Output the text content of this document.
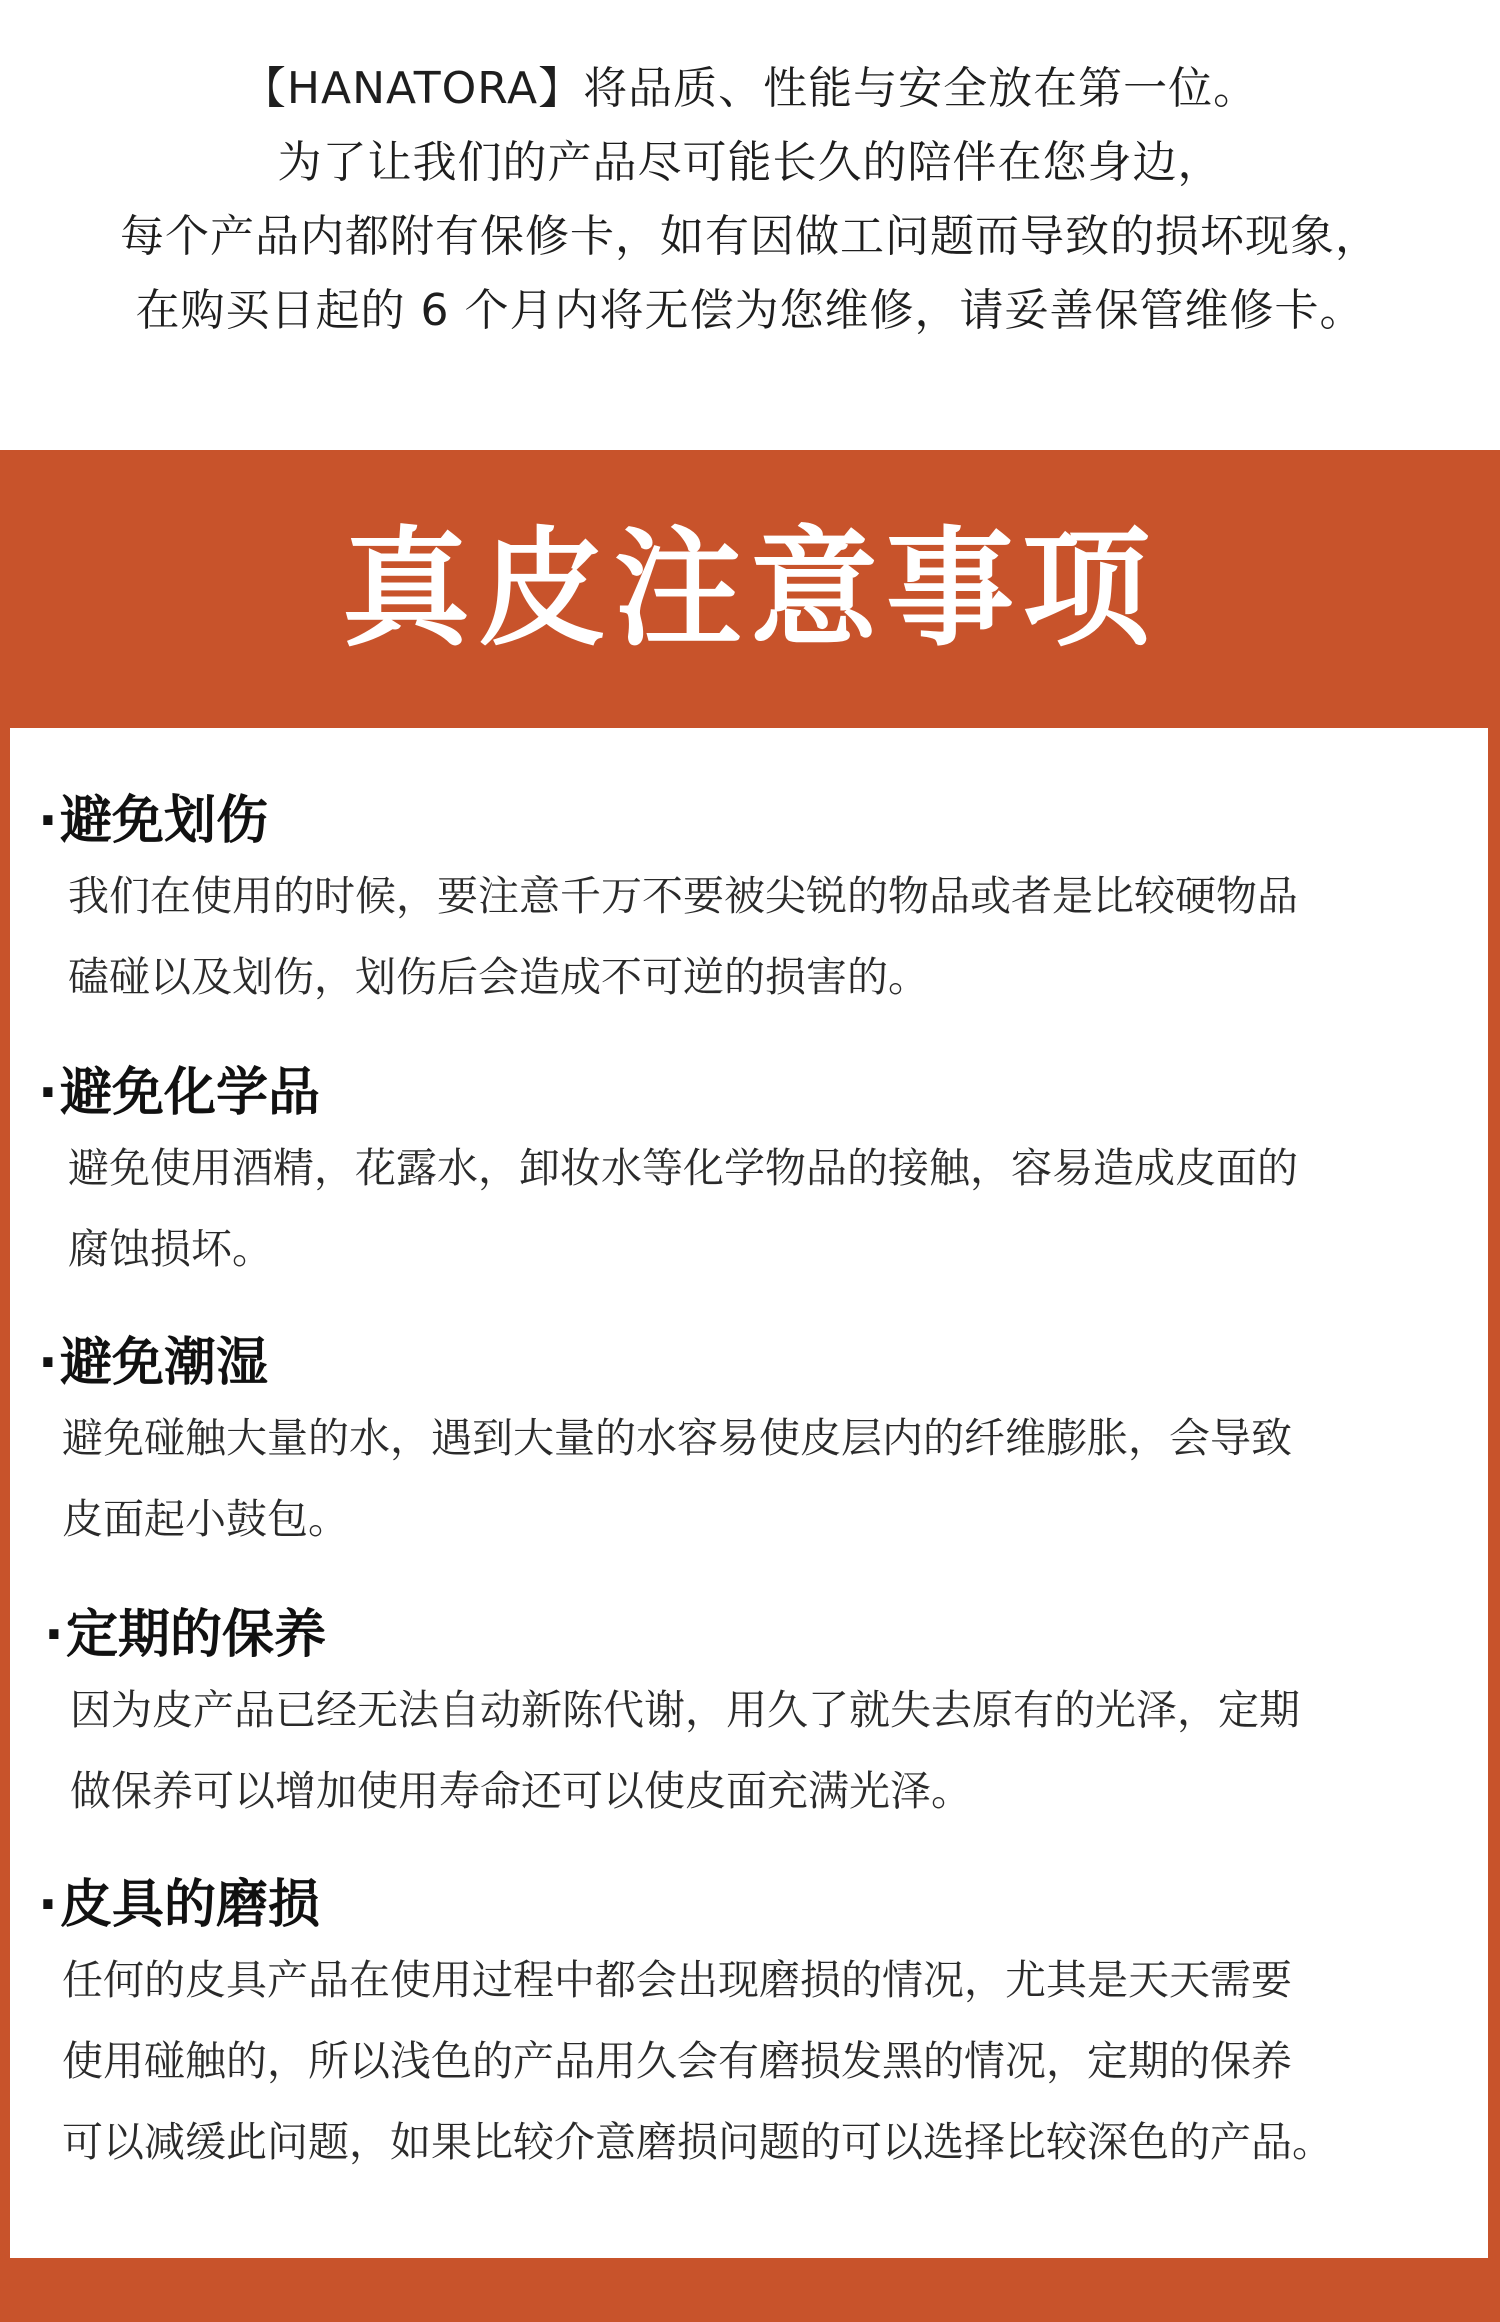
【HANATORA】将品质、性能与安全放在第一位。
为了让我们的产品尽可能长久的陪伴在您身边，
每个产品内都附有保修卡，如有因做工问题而导致的损坏现象，
在购买日起的 6 个月内将无偿为您维修，请妥善保管维修卡。
真皮注意事项
·避免划伤
我们在使用的时候，要注意千万不要被尖锐的物品或者是比较硬物品
磕碰以及划伤，划伤后会造成不可逆的损害的。
·避免化学品
避免使用酒精，花露水，卸妆水等化学物品的接触，容易造成皮面的
腐蚀损坏。
·避免潮湿
避免碰触大量的水，遇到大量的水容易使皮层内的纤维膨胀，会导致
皮面起小鼓包。
·定期的保养
因为皮产品已经无法自动新陈代谢，用久了就失去原有的光泽，定期
做保养可以增加使用寿命还可以使皮面充满光泽。
·皮具的磨损
任何的皮具产品在使用过程中都会出现磨损的情况，尤其是天天需要
使用碰触的，所以浅色的产品用久会有磨损发黑的情况，定期的保养
可以减缓此问题，如果比较介意磨损问题的可以选择比较深色的产品。
